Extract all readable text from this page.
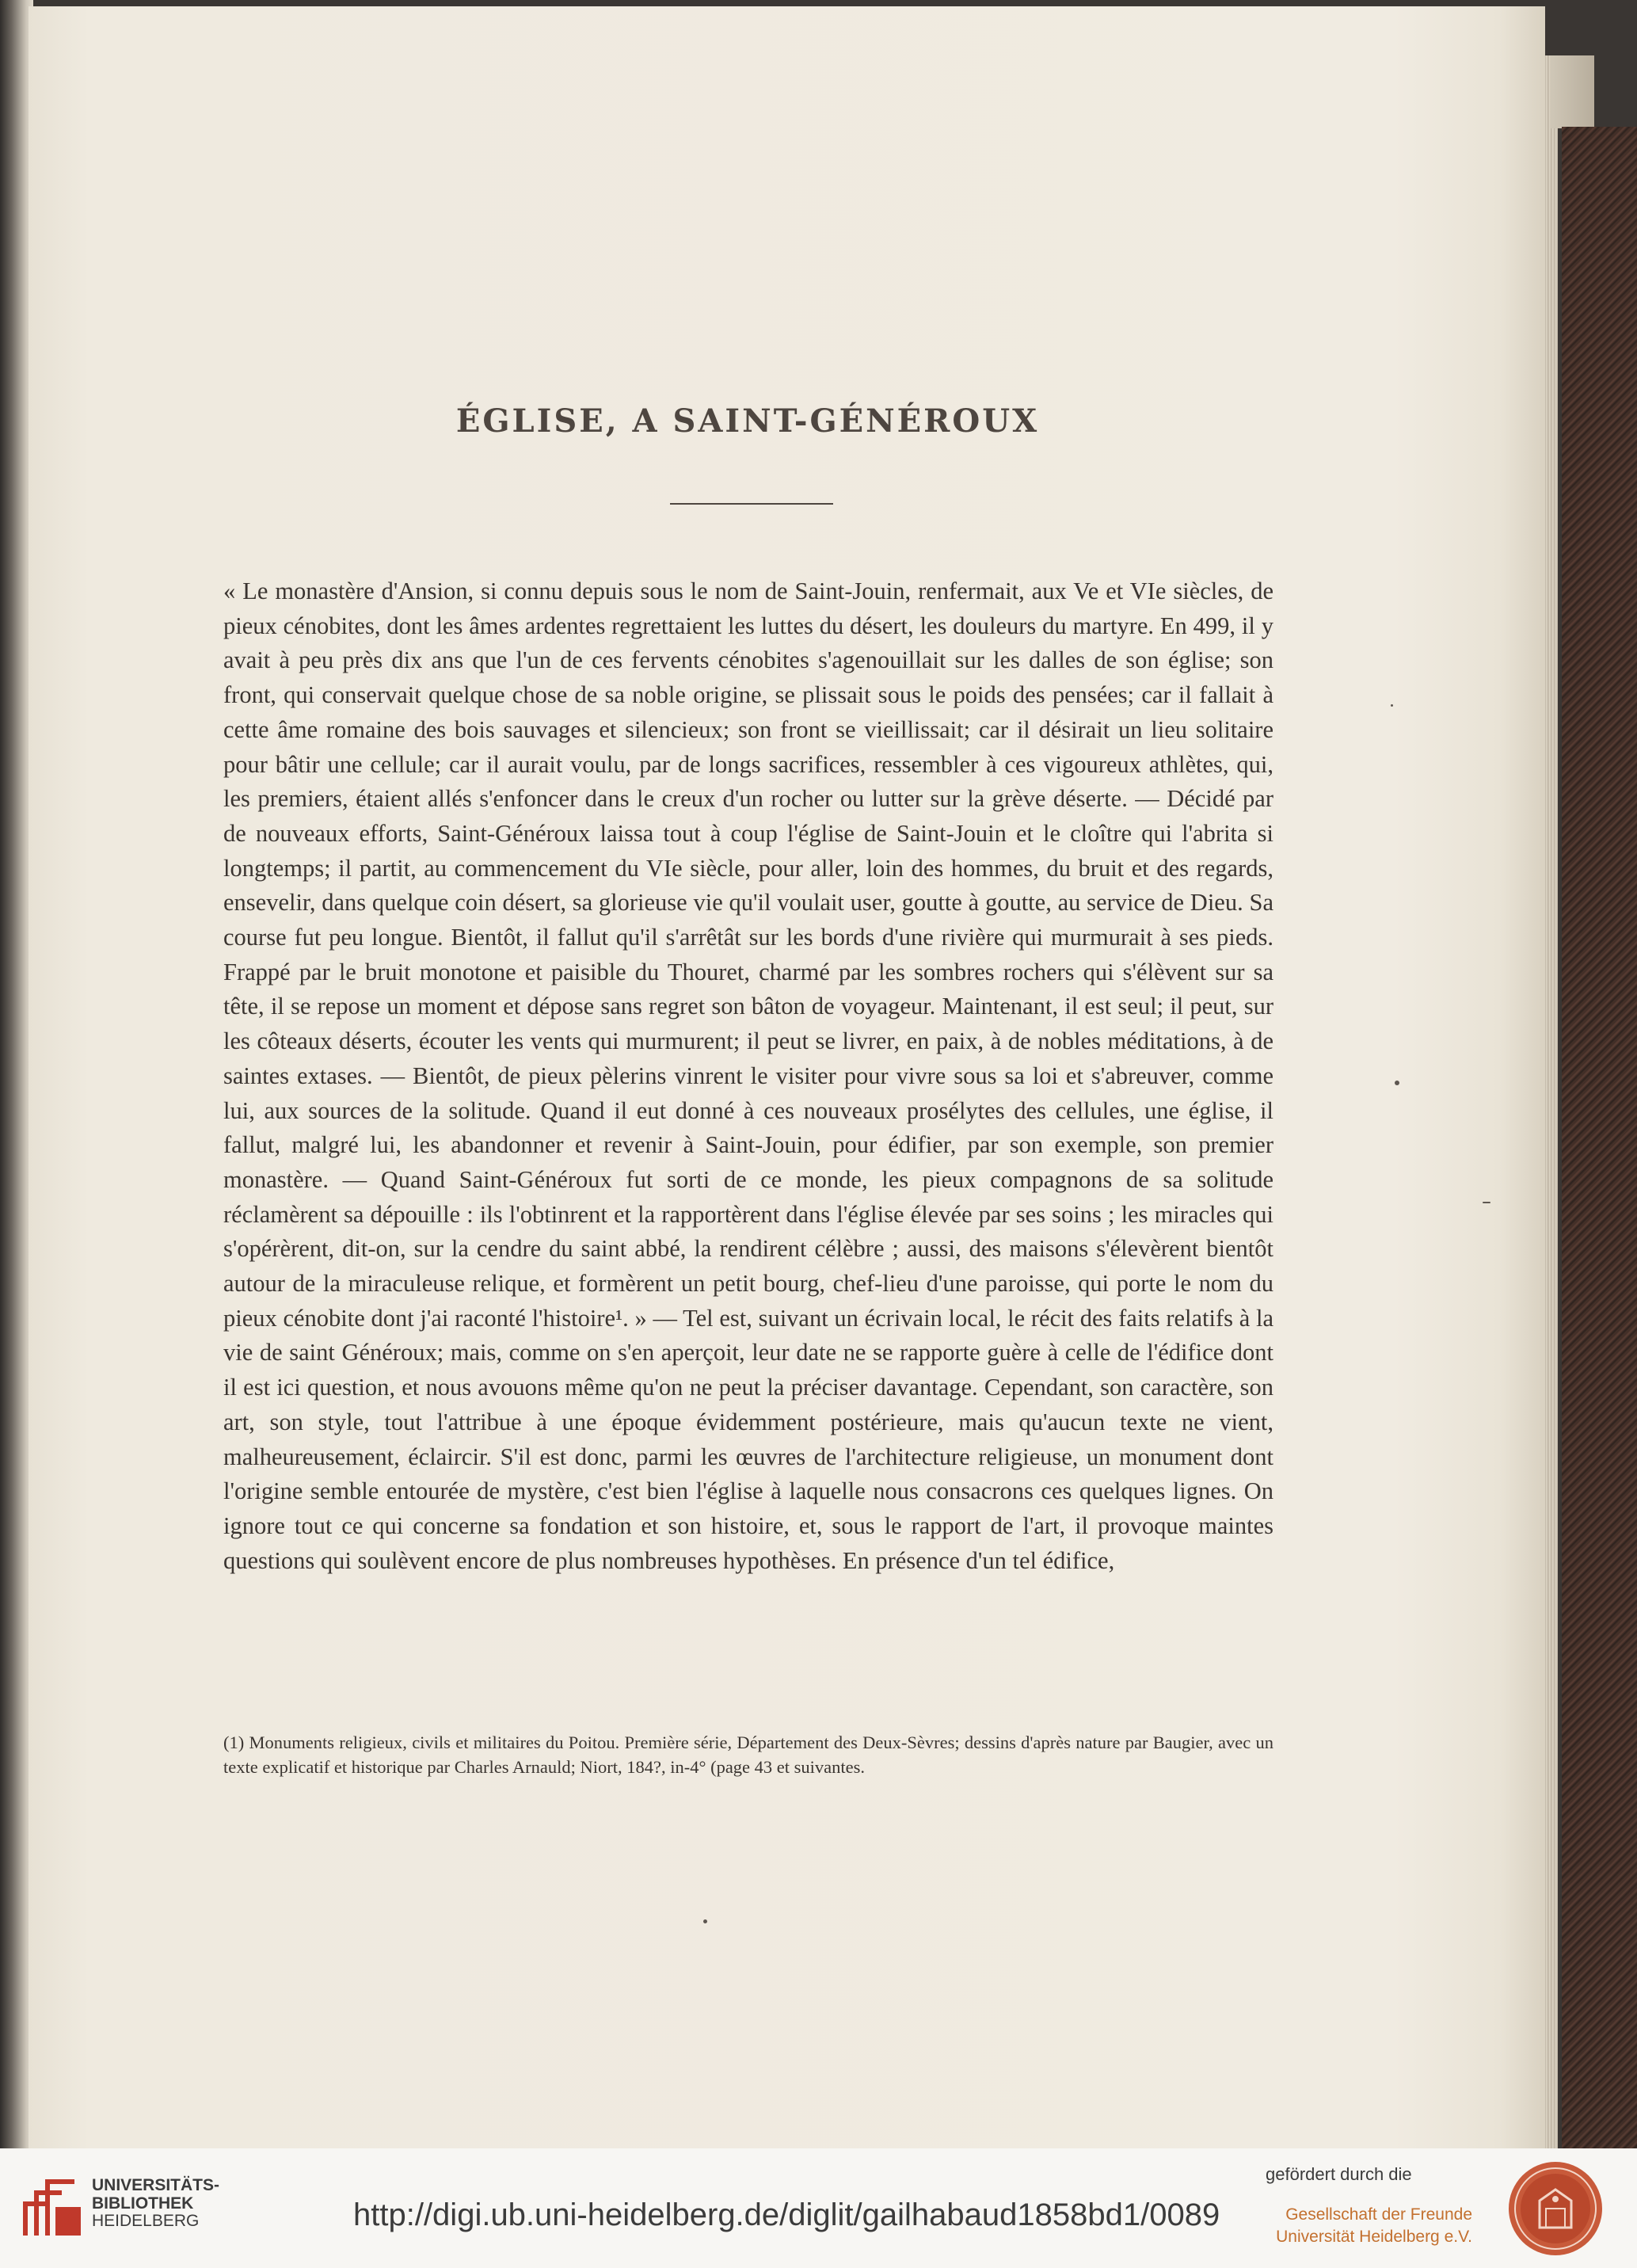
ÉGLISE, A SAINT-GÉNÉROUX

« Le monastère d'Ansion, si connu depuis sous le nom de Saint-Jouin, renfermait, aux Ve et VIe siècles, de pieux cénobites, dont les âmes ardentes regrettaient les luttes du désert, les douleurs du martyre. En 499, il y avait à peu près dix ans que l'un de ces fervents cénobites s'agenouillait sur les dalles de son église; son front, qui conservait quelque chose de sa noble origine, se plissait sous le poids des pensées; car il fallait à cette âme romaine des bois sauvages et silencieux; son front se vieillissait; car il désirait un lieu solitaire pour bâtir une cellule; car il aurait voulu, par de longs sacrifices, ressembler à ces vigoureux athlètes, qui, les premiers, étaient allés s'enfoncer dans le creux d'un rocher ou lutter sur la grève déserte. — Décidé par de nouveaux efforts, Saint-Généroux laissa tout à coup l'église de Saint-Jouin et le cloître qui l'abrita si longtemps; il partit, au commencement du VIe siècle, pour aller, loin des hommes, du bruit et des regards, ensevelir, dans quelque coin désert, sa glorieuse vie qu'il voulait user, goutte à goutte, au service de Dieu. Sa course fut peu longue. Bientôt, il fallut qu'il s'arrêtât sur les bords d'une rivière qui murmurait à ses pieds. Frappé par le bruit monotone et paisible du Thouret, charmé par les sombres rochers qui s'élèvent sur sa tête, il se repose un moment et dépose sans regret son bâton de voyageur. Maintenant, il est seul; il peut, sur les côteaux déserts, écouter les vents qui murmurent; il peut se livrer, en paix, à de nobles méditations, à de saintes extases. — Bientôt, de pieux pèlerins vinrent le visiter pour vivre sous sa loi et s'abreuver, comme lui, aux sources de la solitude. Quand il eut donné à ces nouveaux prosélytes des cellules, une église, il fallut, malgré lui, les abandonner et revenir à Saint-Jouin, pour édifier, par son exemple, son premier monastère. — Quand Saint-Généroux fut sorti de ce monde, les pieux compagnons de sa solitude réclamèrent sa dépouille : ils l'obtinrent et la rapportèrent dans l'église élevée par ses soins ; les miracles qui s'opérèrent, dit-on, sur la cendre du saint abbé, la rendirent célèbre ; aussi, des maisons s'élevèrent bientôt autour de la miraculeuse relique, et formèrent un petit bourg, chef-lieu d'une paroisse, qui porte le nom du pieux cénobite dont j'ai raconté l'histoire¹. » — Tel est, suivant un écrivain local, le récit des faits relatifs à la vie de saint Généroux; mais, comme on s'en aperçoit, leur date ne se rapporte guère à celle de l'édifice dont il est ici question, et nous avouons même qu'on ne peut la préciser davantage. Cependant, son caractère, son art, son style, tout l'attribue à une époque évidemment postérieure, mais qu'aucun texte ne vient, malheureusement, éclaircir. S'il est donc, parmi les œuvres de l'architecture religieuse, un monument dont l'origine semble entourée de mystère, c'est bien l'église à laquelle nous consacrons ces quelques lignes. On ignore tout ce qui concerne sa fondation et son histoire, et, sous le rapport de l'art, il provoque maintes questions qui soulèvent encore de plus nombreuses hypothèses. En présence d'un tel édifice,

(1) Monuments religieux, civils et militaires du Poitou. Première série, Département des Deux-Sèvres; dessins d'après nature par Baugier, avec un texte explicatif et historique par Charles Arnauld; Niort, 184?, in-4° (page 43 et suivantes.

UNIVERSITÄTS-
BIBLIOTHEK
HEIDELBERG	http://digi.ub.uni-heidelberg.de/diglit/gailhabaud1858bd1/0089
gefördert durch die
Gesellschaft der Freunde
Universität Heidelberg e.V.
